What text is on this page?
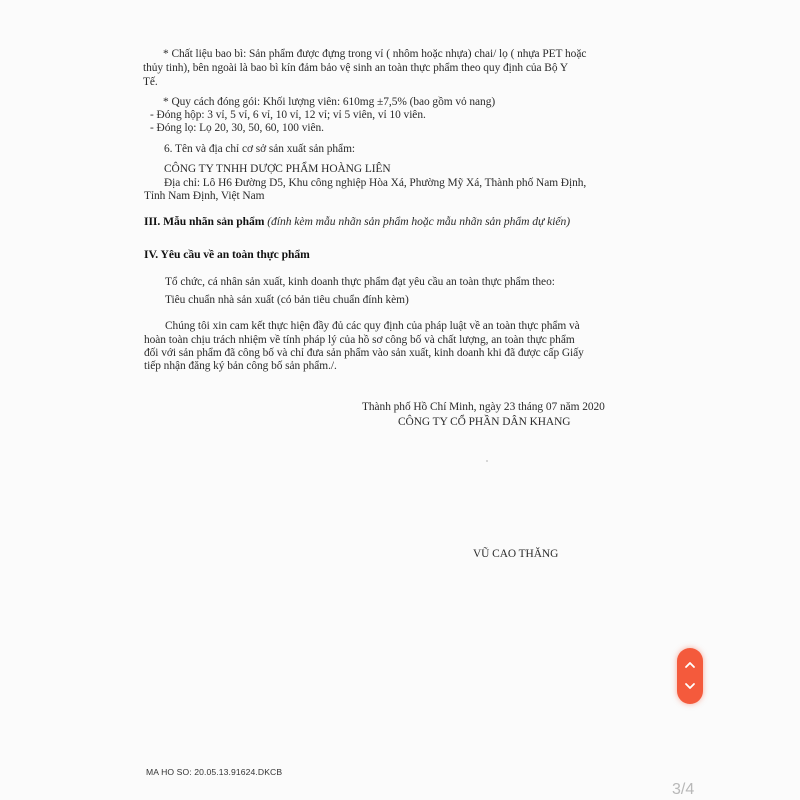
* Chất liệu bao bì: Sản phẩm được đựng trong vỉ ( nhôm hoặc nhựa) chai/ lọ ( nhựa PET hoặc
thủy tinh), bên ngoài là bao bì kín đảm bảo vệ sinh an toàn thực phẩm theo quy định của Bộ Y
Tế.
* Quy cách đóng gói: Khối lượng viên: 610mg ±7,5% (bao gồm vỏ nang)
- Đóng hộp: 3 vỉ, 5 vỉ, 6 vỉ, 10 vỉ, 12 vỉ; vỉ 5 viên, vỉ 10 viên.
- Đóng lọ: Lọ 20, 30, 50, 60, 100 viên.
6. Tên và địa chỉ cơ sở sản xuất sản phẩm:
CÔNG TY TNHH DƯỢC PHẨM HOÀNG LIÊN
Địa chỉ: Lô H6 Đường D5, Khu công nghiệp Hòa Xá, Phường Mỹ Xá, Thành phố Nam Định,
Tỉnh Nam Định, Việt Nam
III. Mẫu nhãn sản phẩm (đính kèm mẫu nhãn sản phẩm hoặc mẫu nhãn sản phẩm dự kiến)
IV. Yêu cầu về an toàn thực phẩm
Tổ chức, cá nhân sản xuất, kinh doanh thực phẩm đạt yêu cầu an toàn thực phẩm theo:
Tiêu chuẩn nhà sản xuất (có bản tiêu chuẩn đính kèm)
Chúng tôi xin cam kết thực hiện đầy đủ các quy định của pháp luật về an toàn thực phẩm và
hoàn toàn chịu trách nhiệm về tính pháp lý của hồ sơ công bố và chất lượng, an toàn thực phẩm
đối với sản phẩm đã công bố và chỉ đưa sản phẩm vào sản xuất, kinh doanh khi đã được cấp Giấy
tiếp nhận đăng ký bản công bố sản phẩm./.
Thành phố Hồ Chí Minh, ngày 23 tháng 07 năm 2020
CÔNG TY CỔ PHẦN DÂN KHANG
VŨ CAO THĂNG
MA HO SO: 20.05.13.91624.DKCB
3/4
